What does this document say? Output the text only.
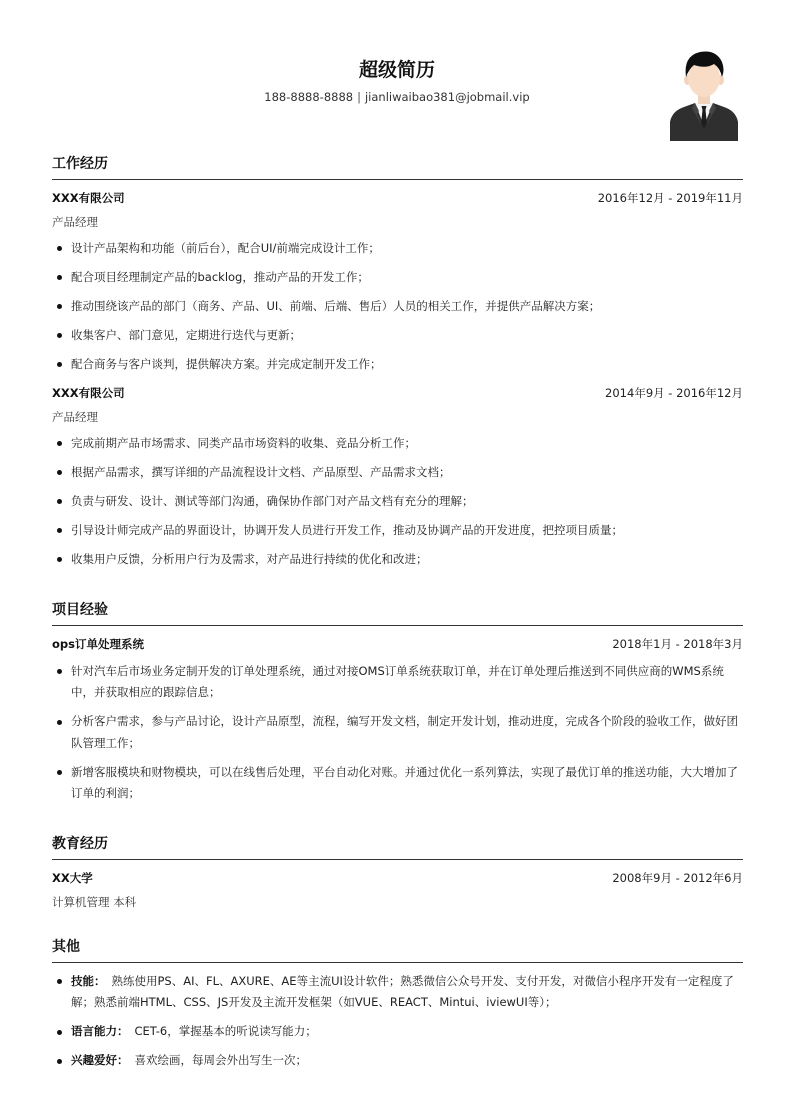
超级简历
188-8888-8888 | jianliwaibao381@jobmail.vip
工作经历
XXX有限公司	2016年12月 - 2019年11月
产品经理
设计产品架构和功能（前后台），配合UI/前端完成设计工作；
配合项目经理制定产品的backlog，推动产品的开发工作；
推动围绕该产品的部门（商务、产品、UI、前端、后端、售后）人员的相关工作，并提供产品解决方案；
收集客户、部门意见，定期进行迭代与更新；
配合商务与客户谈判，提供解决方案。并完成定制开发工作；
XXX有限公司	2014年9月 - 2016年12月
产品经理
完成前期产品市场需求、同类产品市场资料的收集、竞品分析工作；
根据产品需求，撰写详细的产品流程设计文档、产品原型、产品需求文档；
负责与研发、设计、测试等部门沟通，确保协作部门对产品文档有充分的理解；
引导设计师完成产品的界面设计，协调开发人员进行开发工作，推动及协调产品的开发进度，把控项目质量；
收集用户反馈，分析用户行为及需求，对产品进行持续的优化和改进；
项目经验
ops订单处理系统	2018年1月 - 2018年3月
针对汽车后市场业务定制开发的订单处理系统，通过对接OMS订单系统获取订单，并在订单处理后推送到不同供应商的WMS系统中，并获取相应的跟踪信息；
分析客户需求，参与产品讨论，设计产品原型，流程，编写开发文档，制定开发计划，推动进度，完成各个阶段的验收工作，做好团队管理工作；
新增客服模块和财物模块，可以在线售后处理，平台自动化对账。并通过优化一系列算法，实现了最优订单的推送功能，大大增加了订单的利润；
教育经历
XX大学	2008年9月 - 2012年6月
计算机管理 本科
其他
技能： 熟练使用PS、AI、FL、AXURE、AE等主流UI设计软件；熟悉微信公众号开发、支付开发，对微信小程序开发有一定程度了解；熟悉前端HTML、CSS、JS开发及主流开发框架（如VUE、REACT、Mintui、iviewUI等）；
语言能力： CET-6，掌握基本的听说读写能力；
兴趣爱好： 喜欢绘画，每周会外出写生一次；
